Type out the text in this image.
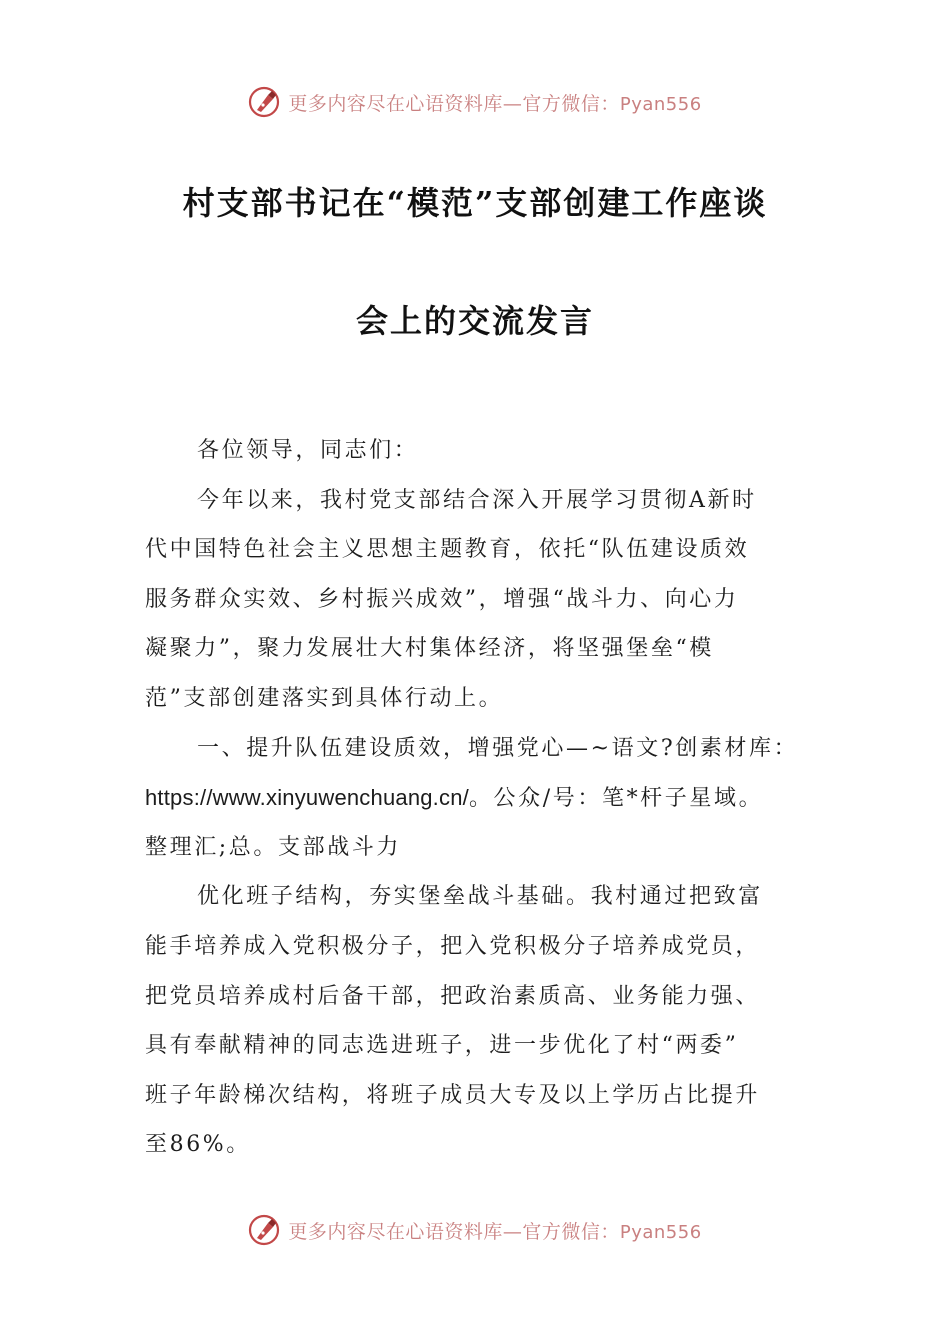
更多内容尽在心语资料库—官方微信：Pyan556
村支部书记在“模范”支部创建工作座谈
会上的交流发言
各位领导，同志们：
今年以来，我村党支部结合深入开展学习贯彻A新时
代中国特色社会主义思想主题教育，依托“队伍建设质效
服务群众实效、乡村振兴成效”，增强“战斗力、向心力
凝聚力”，聚力发展壮大村集体经济，将坚强堡垒“模
范”支部创建落实到具体行动上。
一、提升队伍建设质效，增强党心—~语文?创素材库：
https://www.xinyuwenchuang.cn/。公众/号：笔*杆子星域。
整理汇;总。支部战斗力
优化班子结构，夯实堡垒战斗基础。我村通过把致富
能手培养成入党积极分子，把入党积极分子培养成党员，
把党员培养成村后备干部，把政治素质高、业务能力强、
具有奉献精神的同志选进班子，进一步优化了村“两委”
班子年龄梯次结构，将班子成员大专及以上学历占比提升
至86%。
更多内容尽在心语资料库—官方微信：Pyan556
